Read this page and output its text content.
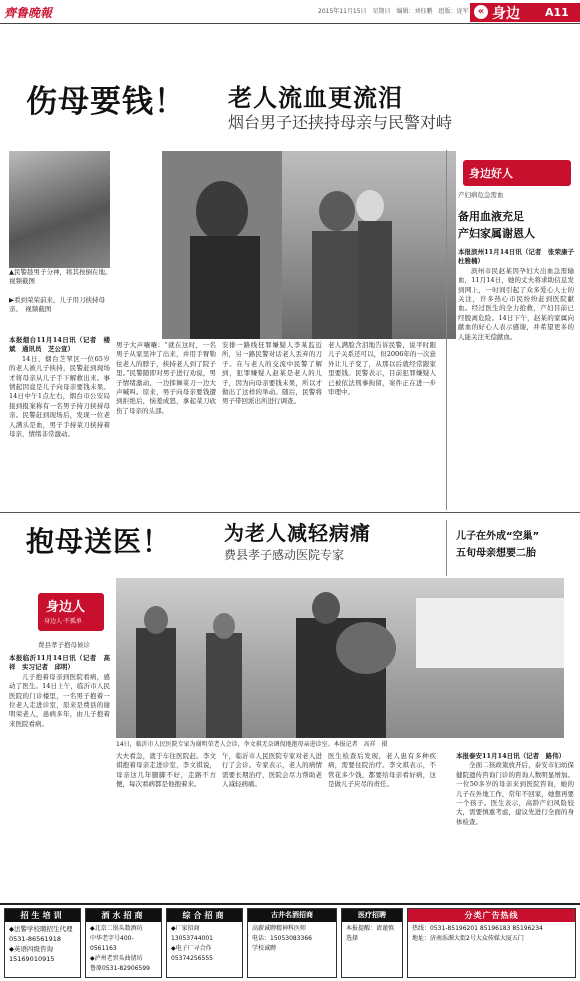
齊鲁晚報	2015年11月15日　星期日　编辑：刘钰鹏　组版：庞军 « 身边 A11
伤母要钱！ 老人流血更流泪
烟台男子还挟持母亲与民警对峙
▲民警趁男子分神，将其按倒在地。　视频截图
▶看到荣荣前来，儿子用刀挟持母亲。　视频截图

本报烟台11月14日讯（记者　楼斌　通讯员　芝公宣）

14日，烟台芝罘区一位65岁的老人被儿子挟持，民警赶到现场才将母亲从儿子手下解救出来。事情起因竟是儿子向母亲要钱未果。14日中午1点左右，烟台市公安局接到报案称有一名男子持刀挟持母亲。民警赶到现场后，发现一位老人满头是血，男子手持菜刀挟持着母亲，情绪非常激动。

男子大声嚷嚷：“就在这时，一名男子从家里冲了出来，并用手臂勒住老人的脖子，挟持老人到了院子里。”民警随即对男子进行劝说，男子情绪激动，一边挥舞菜刀一边大声喊叫。原来，男子向母亲要钱遭到拒绝后，恼羞成怒，拿起菜刀砍伤了母亲的头部。
安排一路线狂罪嫌疑人李某监近所，另一路民警对话老人丢弃的刀子。在与老人的交流中民警了解到，犯罪嫌疑人赵某是老人的儿子，因为向母亲要钱未果，所以才做出了这样的举动。随后，民警将男子带回派出所进行调查。
老人满脸含泪地告诉民警，说平时跟儿子关系还可以，但2006年的一次意外让儿子变了，从那以后就经常跟家里要钱。民警表示，目前犯罪嫌疑人已被依法刑事拘留，案件正在进一步审理中。
身边好人
产妇病危急需血
备用血液充足
产妇家属谢恩人

本报滨州11月14日讯（记者　张荣康子　杜雅楠）

滨州市民赵某因孕妇大出血急需输血，11月14日，她的丈夫将求助信息发到网上，一时间引起了众多爱心人士的关注，许多热心市民纷纷赶到医院献血。经过医生的全力抢救，产妇目前已经脱离危险。14日下午，赵某的家属向献血的好心人表示感谢，并希望更多的人能关注无偿献血。

抱母送医！	为老人减轻病痛
费县孝子感动医院专家
身边人
身边人·不孤单
费县孝子抱母候诊
14日，临沂市人民医院专家为谢明荣老人会诊，李文祺无奈调侃地抱母亲进诊室。本报记者　高祥　摄

本报临沂11月14日讯（记者　高祥　实习记者　邱明）

儿子抱着母亲到医院看病，感动了医生。14日上午，临沂市人民医院的门诊楼里，一名男子抱着一位老人走进诊室，原来是费县的谢明荣老人，患病多年，由儿子抱着来医院看病。

大夫看急，就于车往医院赶。李文祺抱着母亲走进诊室，李文祺说，母亲这几年腿脚不好，走路不方便，每次看病都是他抱着来。
午，临沂市人民医院专家对老人进行了会诊。专家表示，老人的病情需要长期治疗，医院会尽力帮助老人减轻病痛。
医生检查后发现，老人患有多种疾病，需要住院治疗。李文祺表示，不管花多少钱，都要给母亲看好病，这是做儿子应尽的责任。
儿子在外成“空巢”
五旬母亲想要二胎

本报泰安11月14日讯（记者　路伟）

全面二孩政策放开后，泰安市妇幼保健院遗传咨询门诊的咨询人数明显增加。一位50多岁的母亲来到医院咨询，她的儿子在外地工作，常年不回家，她想再要一个孩子。医生表示，高龄产妇风险较大，需要慎重考虑，建议先进行全面的身体检查。

招生培训
◆法警学校聘招生代理
0531-86561918
◆英语四级咨询
15169010915
酒水招商
◆北京二锅头数酒坊
中华老字号400-0561163
◆泸州老窖头曲锗坊
鲁原0531-82906599
综合招商
◆厂家招商13053744001
◆电子厂寻合作
05374256555
古井名酒招商
高薪诚聘精神科医师
电话：15053083366
学校诚聘
医疗招聘
本报提醒：请谨慎选择
分类广告热线
热线：0531-85196201 85196183 85196234
地址：济南泺源大街2号大众传媒大厦五门
